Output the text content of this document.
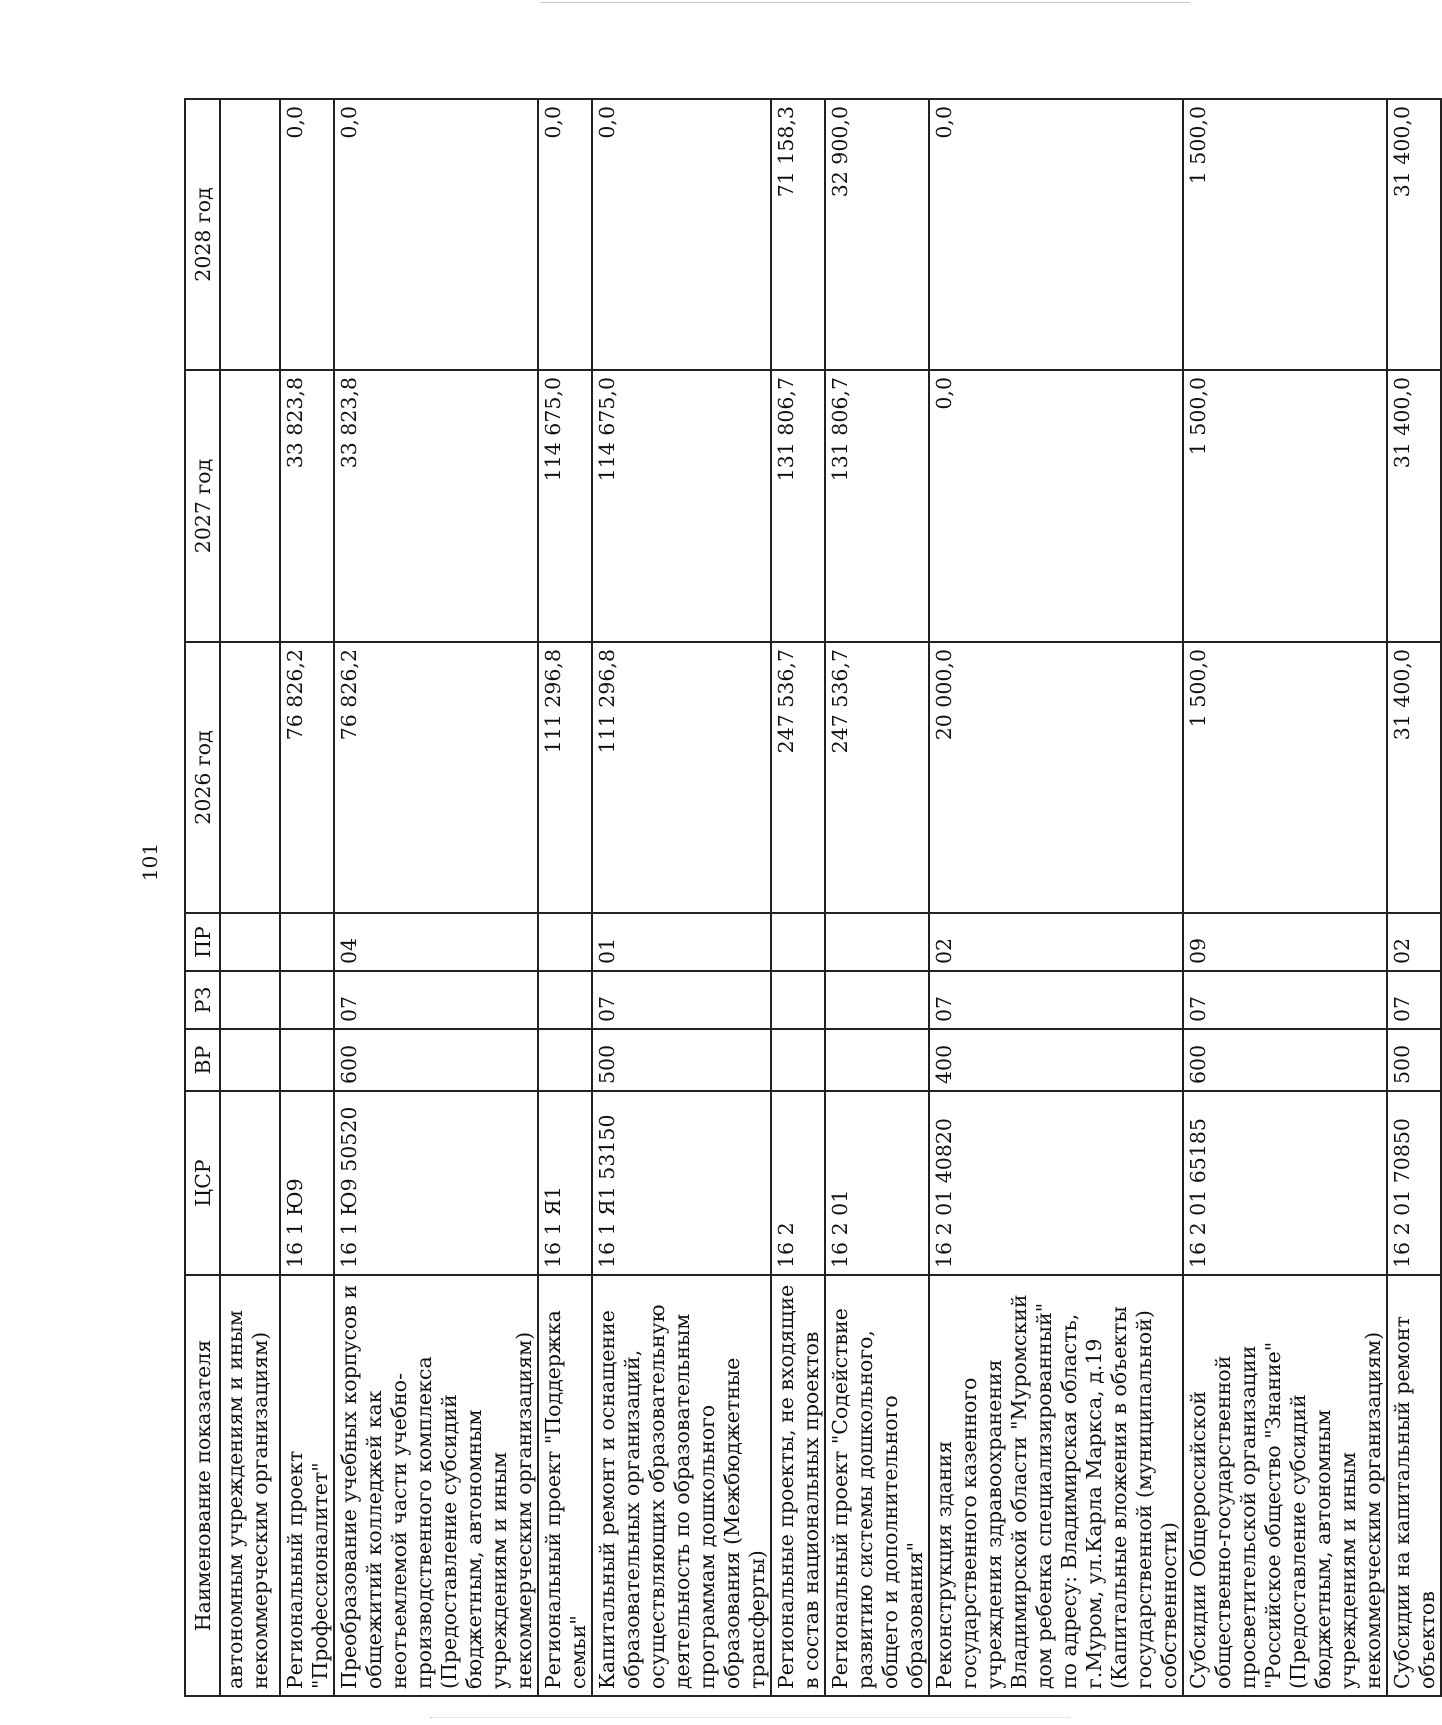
101
Наименование показателя	ЦСР	ВР	РЗ	ПР	2026 год	2027 год	2028 год
автономным учреждениям и иным некоммерческим организациям)							
Региональный проект "Профессионалитет"	16 1 Ю9				76 826,2	33 823,8	0,0
Преобразование учебных корпусов и общежитий колледжей как неотъемлемой части учебно-производственного комплекса (Предоставление субсидий бюджетным, автономным учреждениям и иным некоммерческим организациям)	16 1 Ю9 50520	600	07	04	76 826,2	33 823,8	0,0
Региональный проект "Поддержка семьи"	16 1 Я1				111 296,8	114 675,0	0,0
Капитальный ремонт и оснащение образовательных организаций, осуществляющих образовательную деятельность по образовательным программам дошкольного образования (Межбюджетные трансферты)	16 1 Я1 53150	500	07	01	111 296,8	114 675,0	0,0
Региональные проекты, не входящие в состав национальных проектов	16 2				247 536,7	131 806,7	71 158,3
Региональный проект "Содействие развитию системы дошкольного, общего и дополнительного образования"	16 2 01				247 536,7	131 806,7	32 900,0
Реконструкция здания государственного казенного учреждения здравоохранения Владимирской области "Муромский дом ребенка специализированный" по адресу: Владимирская область, г.Муром, ул.Карла Маркса, д.19 (Капитальные вложения в объекты государственной (муниципальной) собственности)	16 2 01 40820	400	07	02	20 000,0	0,0	0,0
Субсидии Общероссийской общественно-государственной просветительской организации "Российское общество "Знание" (Предоставление субсидий бюджетным, автономным учреждениям и иным некоммерческим организациям)	16 2 01 65185	600	07	09	1 500,0	1 500,0	1 500,0
Субсидии на капитальный ремонт объектов	16 2 01 70850	500	07	02	31 400,0	31 400,0	31 400,0
